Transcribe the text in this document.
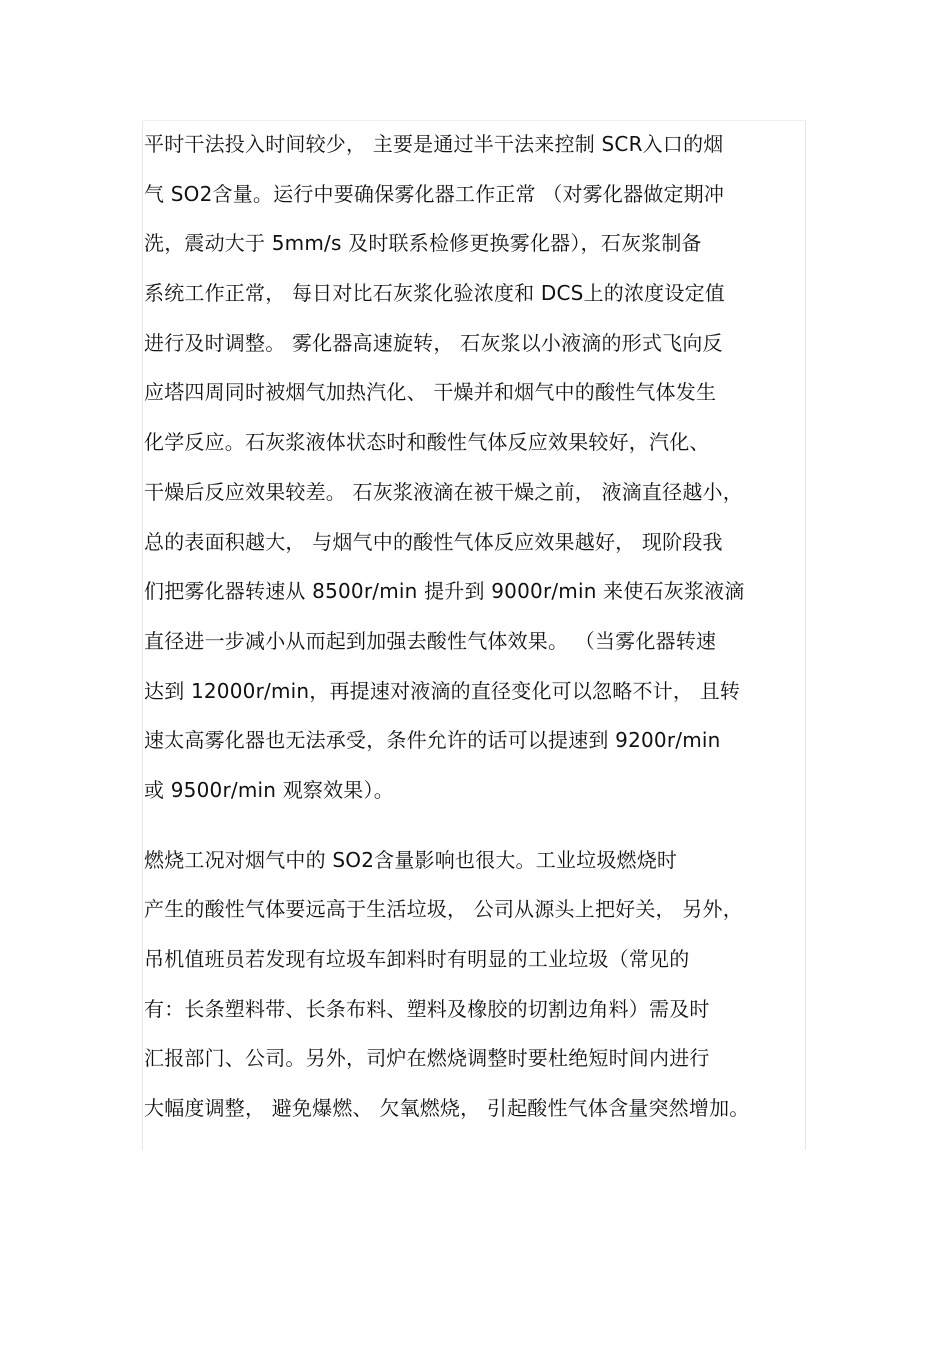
平时干法投入时间较少， 主要是通过半干法来控制 SCR入口的烟
气 SO2含量。运行中要确保雾化器工作正常 （对雾化器做定期冲
洗，震动大于 5mm/s 及时联系检修更换雾化器），石灰浆制备
系统工作正常， 每日对比石灰浆化验浓度和 DCS上的浓度设定值
进行及时调整。 雾化器高速旋转， 石灰浆以小液滴的形式飞向反
应塔四周同时被烟气加热汽化、 干燥并和烟气中的酸性气体发生
化学反应。石灰浆液体状态时和酸性气体反应效果较好，汽化、
干燥后反应效果较差。 石灰浆液滴在被干燥之前， 液滴直径越小，
总的表面积越大， 与烟气中的酸性气体反应效果越好， 现阶段我
们把雾化器转速从 8500r/min 提升到 9000r/min 来使石灰浆液滴
直径进一步减小从而起到加强去酸性气体效果。 （当雾化器转速
达到 12000r/min，再提速对液滴的直径变化可以忽略不计， 且转
速太高雾化器也无法承受，条件允许的话可以提速到 9200r/min
或 9500r/min 观察效果）。
燃烧工况对烟气中的 SO2含量影响也很大。工业垃圾燃烧时
产生的酸性气体要远高于生活垃圾， 公司从源头上把好关， 另外，
吊机值班员若发现有垃圾车卸料时有明显的工业垃圾（常见的
有：长条塑料带、长条布料、塑料及橡胶的切割边角料）需及时
汇报部门、公司。另外，司炉在燃烧调整时要杜绝短时间内进行
大幅度调整， 避免爆燃、 欠氧燃烧， 引起酸性气体含量突然增加。
